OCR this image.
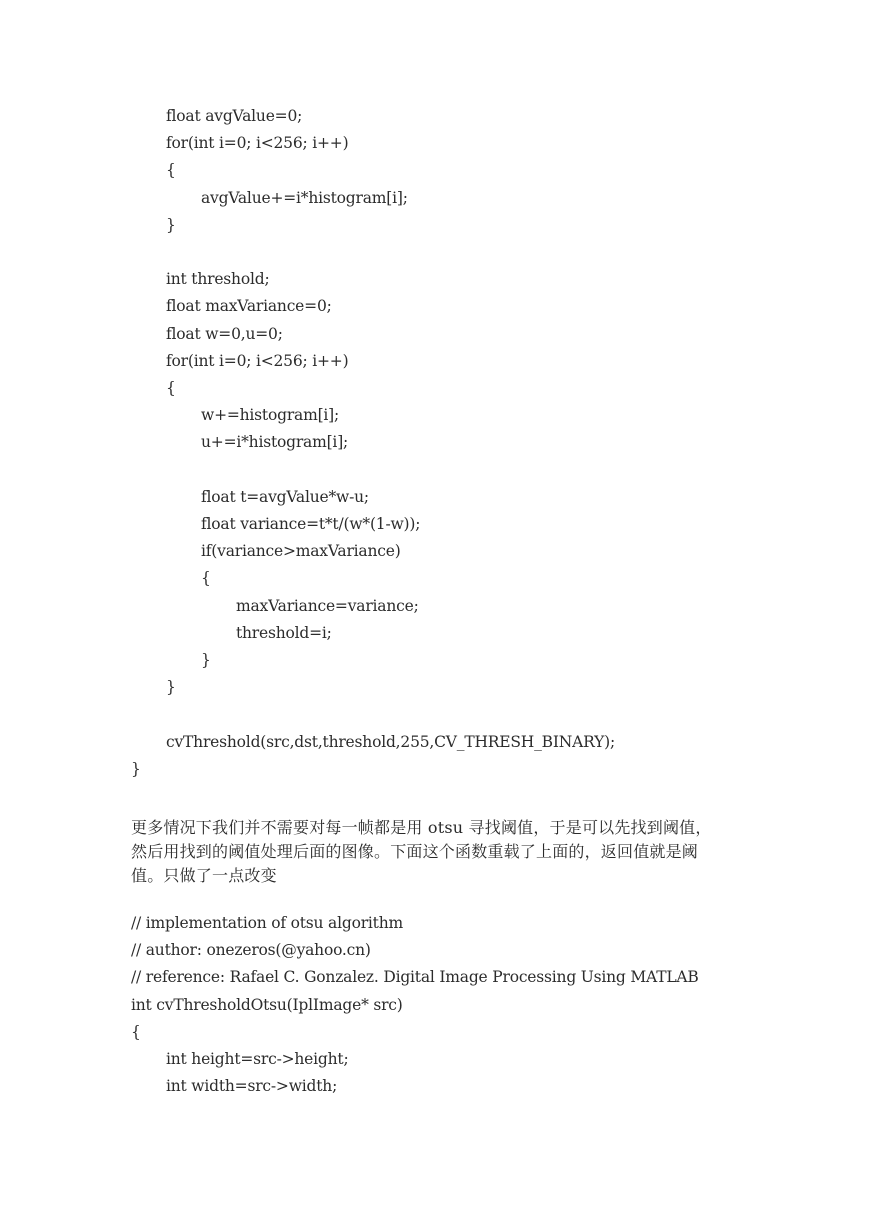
float avgValue=0;
for(int i=0; i<256; i++)
{
avgValue+=i*histogram[i];
}
int threshold;
float maxVariance=0;
float w=0,u=0;
for(int i=0; i<256; i++)
{
w+=histogram[i];
u+=i*histogram[i];
float t=avgValue*w-u;
float variance=t*t/(w*(1-w));
if(variance>maxVariance)
{
maxVariance=variance;
threshold=i;
}
}
cvThreshold(src,dst,threshold,255,CV_THRESH_BINARY);
}
更多情况下我们并不需要对每一帧都是用 otsu 寻找阈值，于是可以先找到阈值，
然后用找到的阈值处理后面的图像。下面这个函数重载了上面的，返回值就是阈
值。只做了一点改变
// implementation of otsu algorithm
// author: onezeros(@yahoo.cn)
// reference: Rafael C. Gonzalez. Digital Image Processing Using MATLAB
int cvThresholdOtsu(IplImage* src)
{
int height=src->height;
int width=src->width;
